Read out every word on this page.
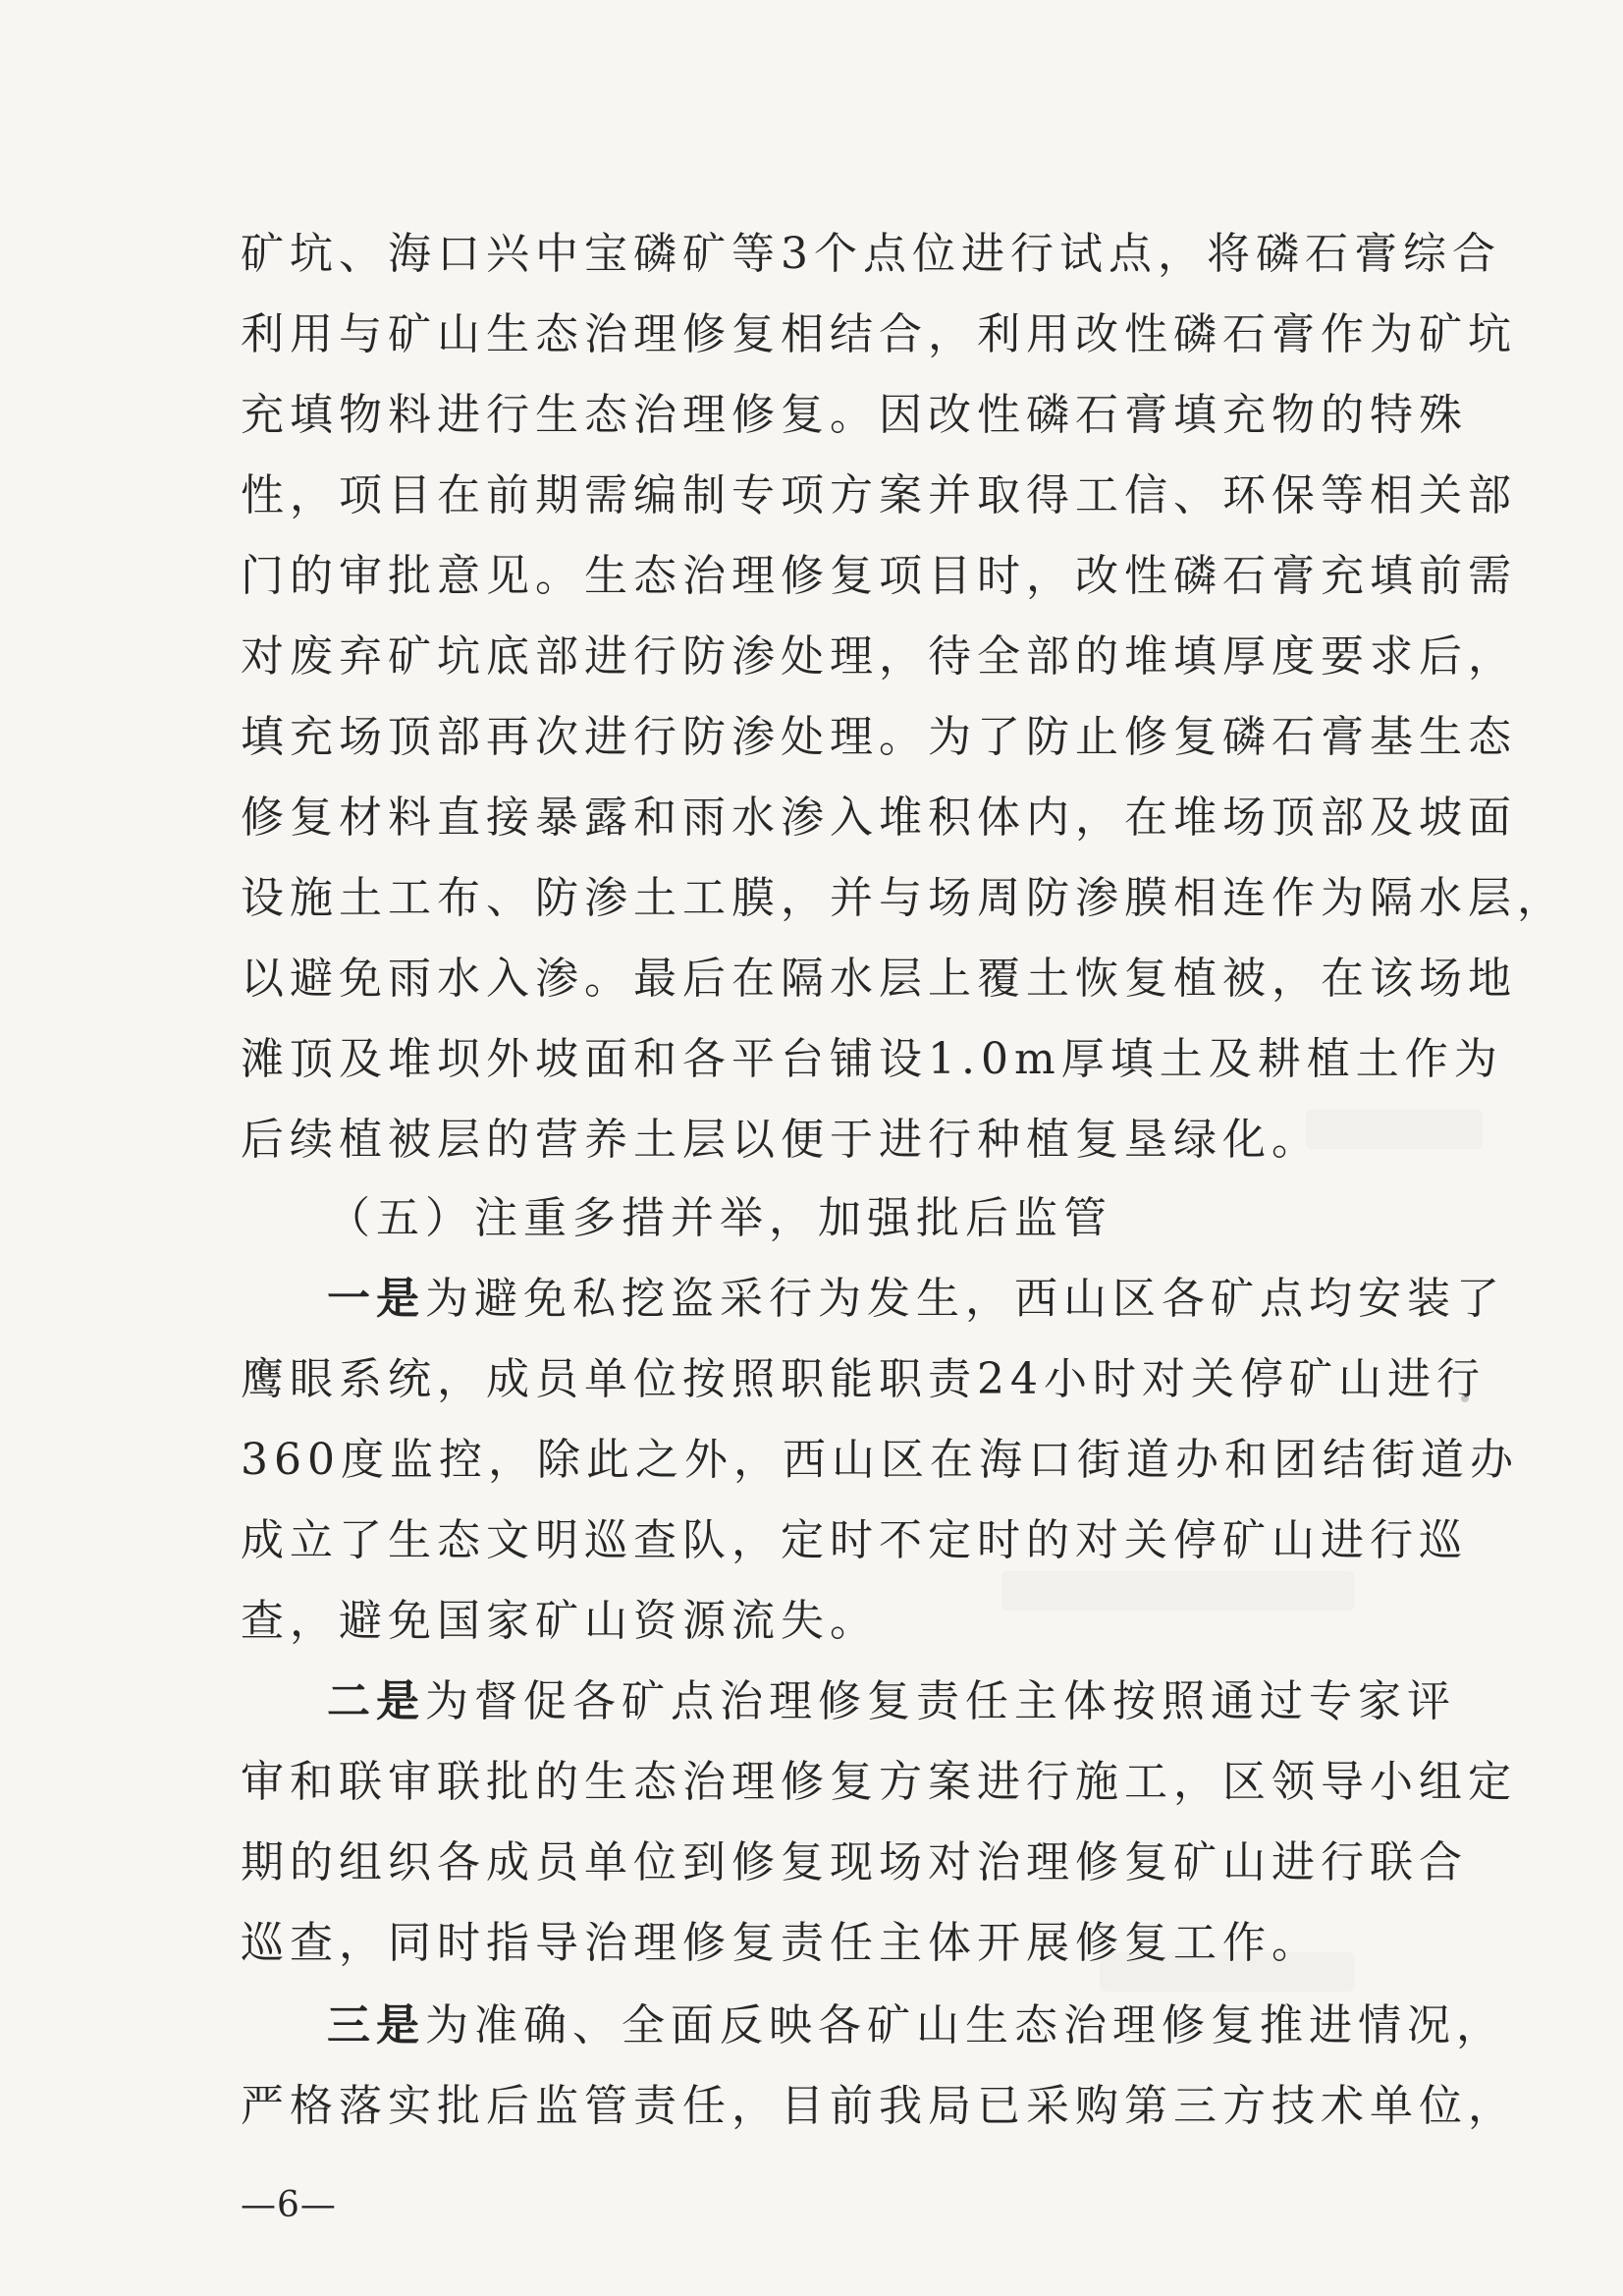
矿坑、海口兴中宝磷矿等3个点位进行试点，将磷石膏综合
利用与矿山生态治理修复相结合，利用改性磷石膏作为矿坑
充填物料进行生态治理修复。因改性磷石膏填充物的特殊
性，项目在前期需编制专项方案并取得工信、环保等相关部
门的审批意见。生态治理修复项目时，改性磷石膏充填前需
对废弃矿坑底部进行防渗处理，待全部的堆填厚度要求后，
填充场顶部再次进行防渗处理。为了防止修复磷石膏基生态
修复材料直接暴露和雨水渗入堆积体内，在堆场顶部及坡面
设施土工布、防渗土工膜，并与场周防渗膜相连作为隔水层，
以避免雨水入渗。最后在隔水层上覆土恢复植被，在该场地
滩顶及堆坝外坡面和各平台铺设1.0m厚填土及耕植土作为
后续植被层的营养土层以便于进行种植复垦绿化。
（五）注重多措并举，加强批后监管
一是为避免私挖盗采行为发生，西山区各矿点均安装了
鹰眼系统，成员单位按照职能职责24小时对关停矿山进行
360度监控，除此之外，西山区在海口街道办和团结街道办
成立了生态文明巡查队，定时不定时的对关停矿山进行巡
查，避免国家矿山资源流失。
二是为督促各矿点治理修复责任主体按照通过专家评
审和联审联批的生态治理修复方案进行施工，区领导小组定
期的组织各成员单位到修复现场对治理修复矿山进行联合
巡查，同时指导治理修复责任主体开展修复工作。
三是为准确、全面反映各矿山生态治理修复推进情况，
严格落实批后监管责任，目前我局已采购第三方技术单位，
—6—
